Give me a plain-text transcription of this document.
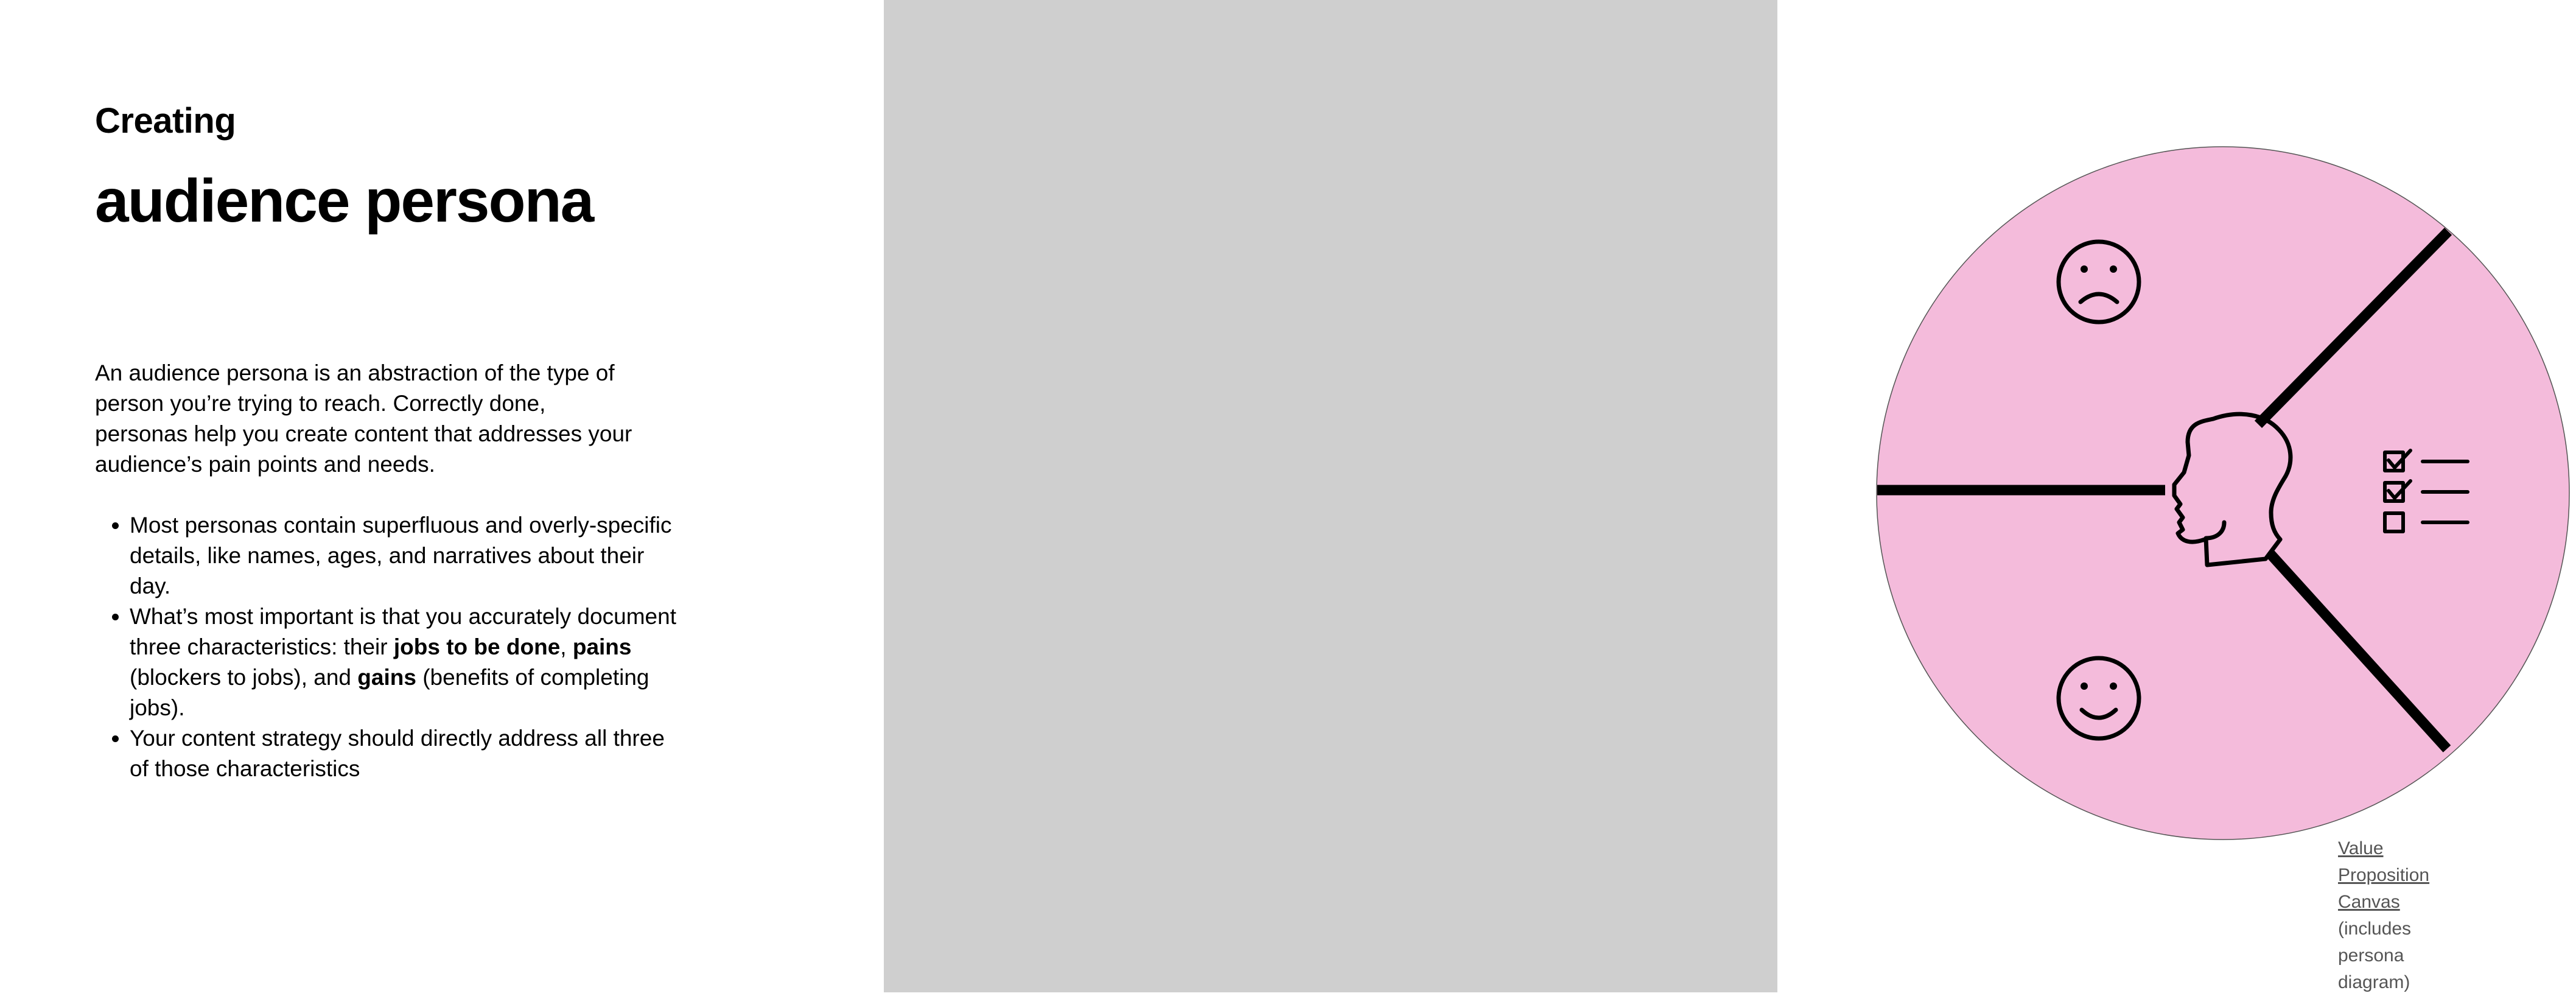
Creating
audience persona

An audience persona is an abstraction of the type of person you’re trying to reach. Correctly done, personas help you create content that addresses your audience’s pain points and needs.

• Most personas contain superfluous and overly-specific details, like names, ages, and narratives about their day.
• What’s most important is that you accurately document three characteristics: their jobs to be done, pains (blockers to jobs), and gains (benefits of completing jobs).
• Your content strategy should directly address all three of those characteristics
Value Proposition Canvas
(includes persona diagram)
